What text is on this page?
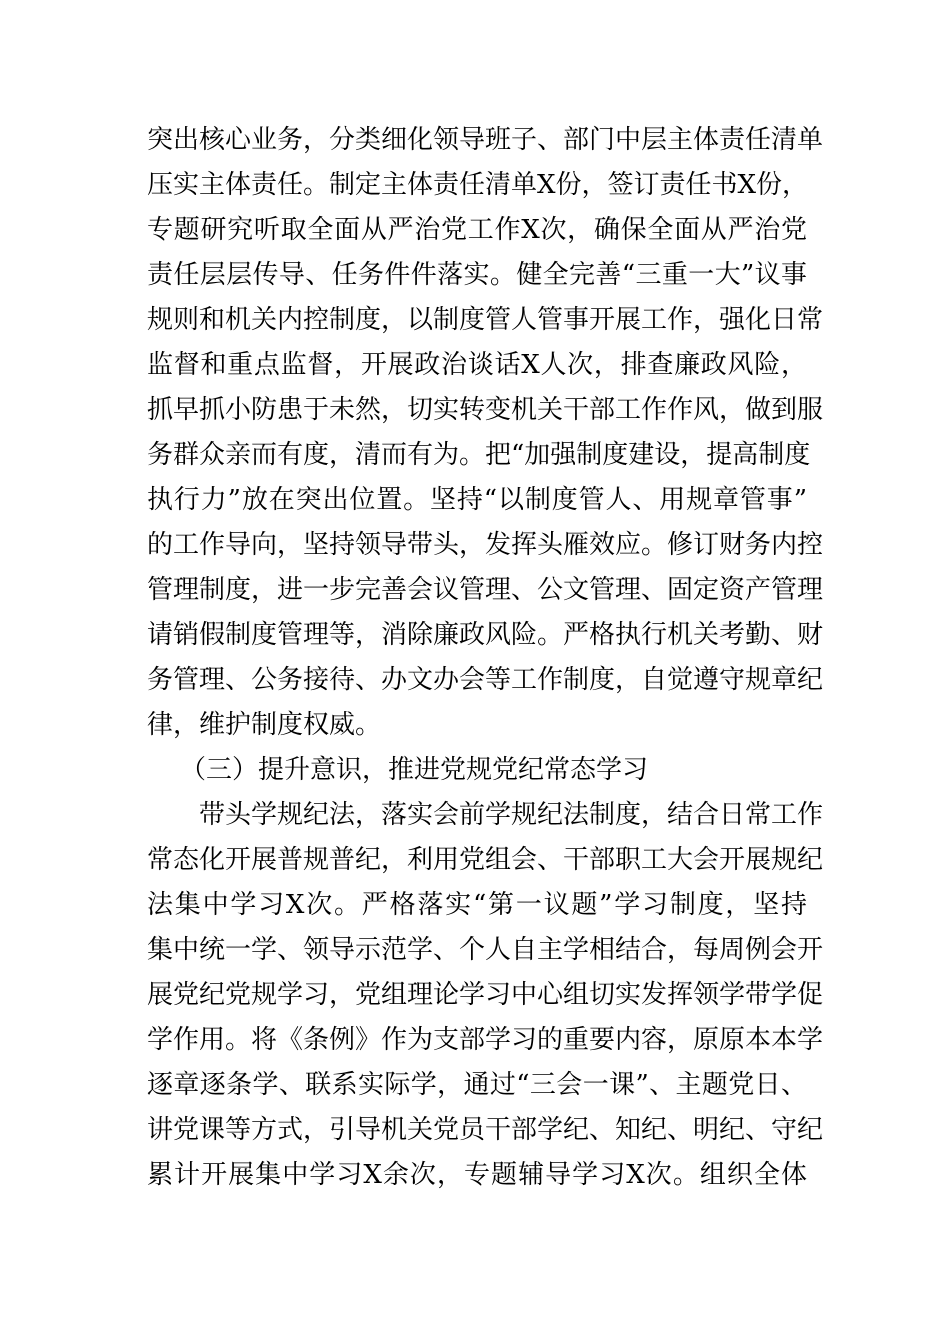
突出核心业务，分类细化领导班子、部门中层主体责任清单
压实主体责任。制定主体责任清单X份，签订责任书X份，
专题研究听取全面从严治党工作X次，确保全面从严治党
责任层层传导、任务件件落实。健全完善“三重一大”议事
规则和机关内控制度，以制度管人管事开展工作，强化日常
监督和重点监督，开展政治谈话X人次，排查廉政风险，
抓早抓小防患于未然，切实转变机关干部工作作风，做到服
务群众亲而有度，清而有为。把“加强制度建设，提高制度
执行力”放在突出位置。坚持“以制度管人、用规章管事”
的工作导向，坚持领导带头，发挥头雁效应。修订财务内控
管理制度，进一步完善会议管理、公文管理、固定资产管理
请销假制度管理等，消除廉政风险。严格执行机关考勤、财
务管理、公务接待、办文办会等工作制度，自觉遵守规章纪
律，维护制度权威。
（三）提升意识，推进党规党纪常态学习
带头学规纪法，落实会前学规纪法制度，结合日常工作
常态化开展普规普纪，利用党组会、干部职工大会开展规纪
法集中学习X次。严格落实“第一议题”学习制度，坚持
集中统一学、领导示范学、个人自主学相结合，每周例会开
展党纪党规学习，党组理论学习中心组切实发挥领学带学促
学作用。将《条例》作为支部学习的重要内容，原原本本学
逐章逐条学、联系实际学，通过“三会一课”、主题党日、
讲党课等方式，引导机关党员干部学纪、知纪、明纪、守纪
累计开展集中学习X余次，专题辅导学习X次。组织全体
